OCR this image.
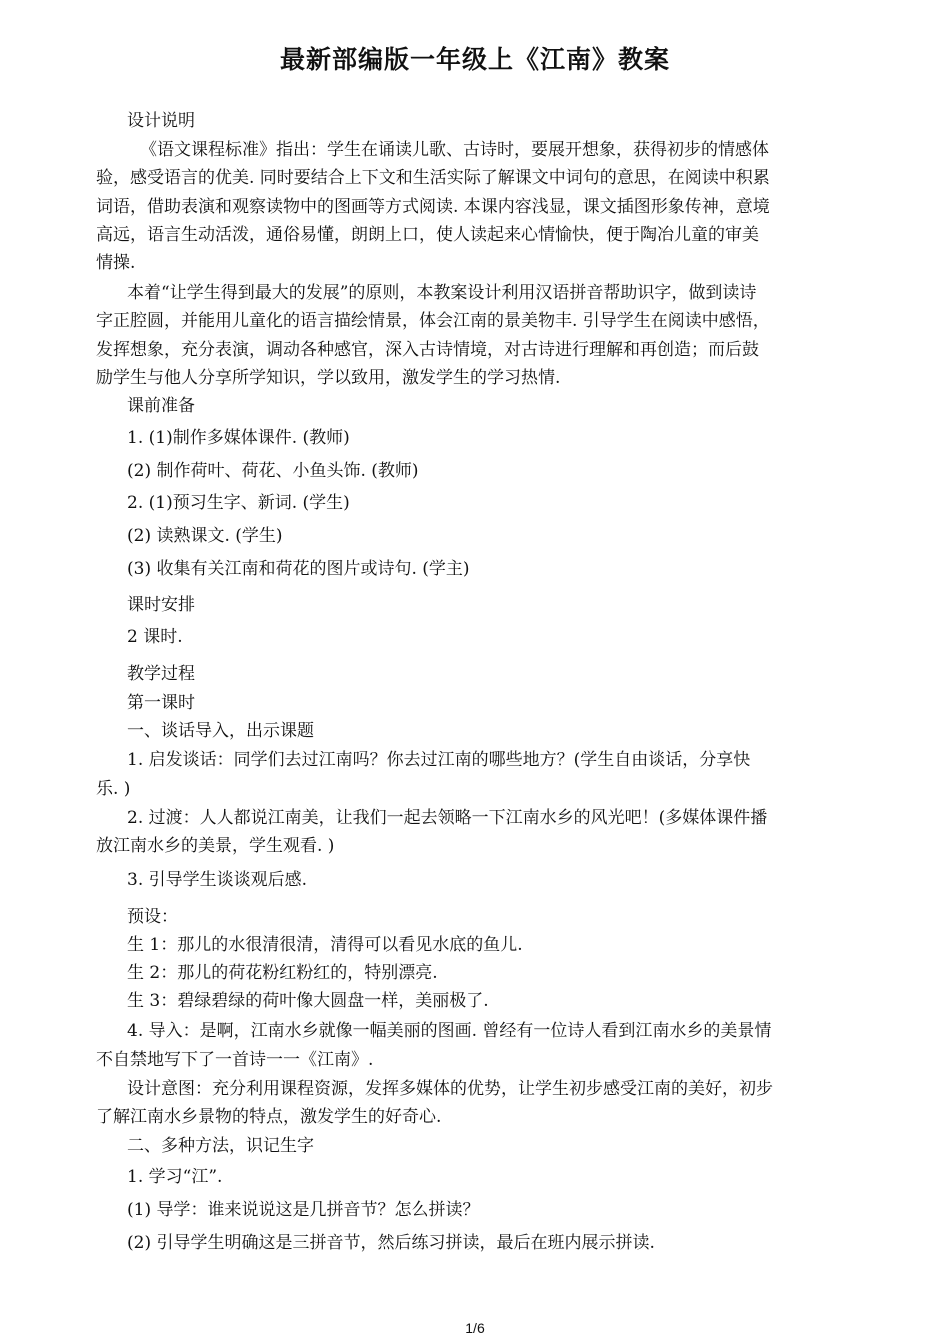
最新部编版一年级上《江南》教案
设计说明
《语文课程标准》指出：学生在诵读儿歌、古诗时，要展开想象，获得初步的情感体
验，感受语言的优美. 同时要结合上下文和生活实际了解课文中词句的意思，在阅读中积累
词语，借助表演和观察读物中的图画等方式阅读. 本课内容浅显，课文插图形象传神，意境
高远，语言生动活泼，通俗易懂，朗朗上口，使人读起来心情愉快，便于陶冶儿童的审美
情操.
本着“让学生得到最大的发展”的原则，本教案设计利用汉语拼音帮助识字，做到读诗
字正腔圆，并能用儿童化的语言描绘情景，体会江南的景美物丰. 引导学生在阅读中感悟，
发挥想象，充分表演，调动各种感官，深入古诗情境，对古诗进行理解和再创造；而后鼓
励学生与他人分享所学知识，学以致用，激发学生的学习热情.
课前准备
1. (1)制作多媒体课件. (教师)
(2) 制作荷叶、荷花、小鱼头饰. (教师)
2. (1)预习生字、新词. (学生)
(2) 读熟课文. (学生)
(3) 收集有关江南和荷花的图片或诗句. (学主)
课时安排
2 课时.
教学过程
第一课时
一、谈话导入，出示课题
1. 启发谈话：同学们去过江南吗？你去过江南的哪些地方？(学生自由谈话，分享快
乐. )
2. 过渡：人人都说江南美，让我们一起去领略一下江南水乡的风光吧！(多媒体课件播
放江南水乡的美景，学生观看. )
3. 引导学生谈谈观后感.
预设：
生 1：那儿的水很清很清，清得可以看见水底的鱼儿.
生 2：那儿的荷花粉红粉红的，特别漂亮.
生 3：碧绿碧绿的荷叶像大圆盘一样，美丽极了.
4. 导入：是啊，江南水乡就像一幅美丽的图画. 曾经有一位诗人看到江南水乡的美景情
不自禁地写下了一首诗一一《江南》.
设计意图：充分利用课程资源，发挥多媒体的优势，让学生初步感受江南的美好，初步
了解江南水乡景物的特点，激发学生的好奇心.
二、多种方法，识记生字
1. 学习“江”.
(1) 导学：谁来说说这是几拼音节？怎么拼读？
(2) 引导学生明确这是三拼音节，然后练习拼读，最后在班内展示拼读.
1/6
